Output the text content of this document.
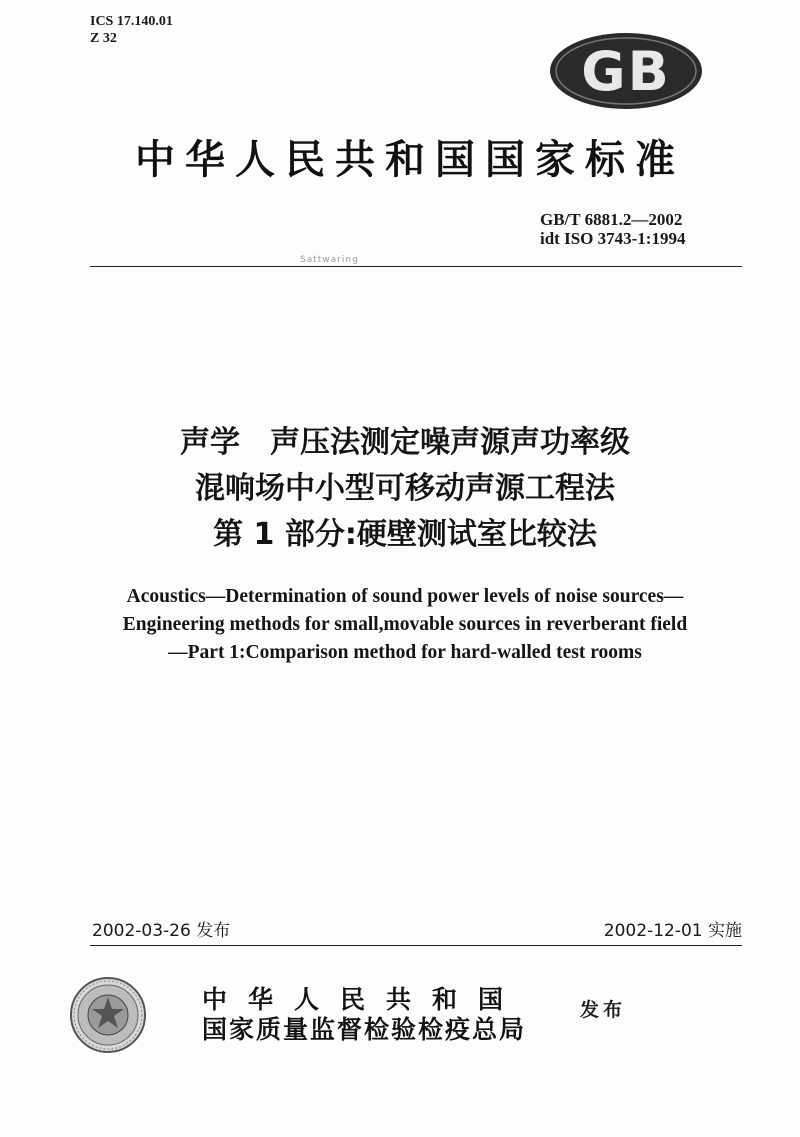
ICS 17.140.01
Z 32
GB
中华人民共和国国家标准
GB/T 6881.2—2002
idt ISO 3743-1:1994
Sattwaring
声学　声压法测定噪声源声功率级
混响场中小型可移动声源工程法
第 1 部分:硬壁测试室比较法
Acoustics—Determination of sound power levels of noise sources—
Engineering methods for small,movable sources in reverberant field
—Part 1:Comparison method for hard-walled test rooms
2002-03-26 发布	2002-12-01 实施
中华人民共和国
国家质量监督检验检疫总局
发布
